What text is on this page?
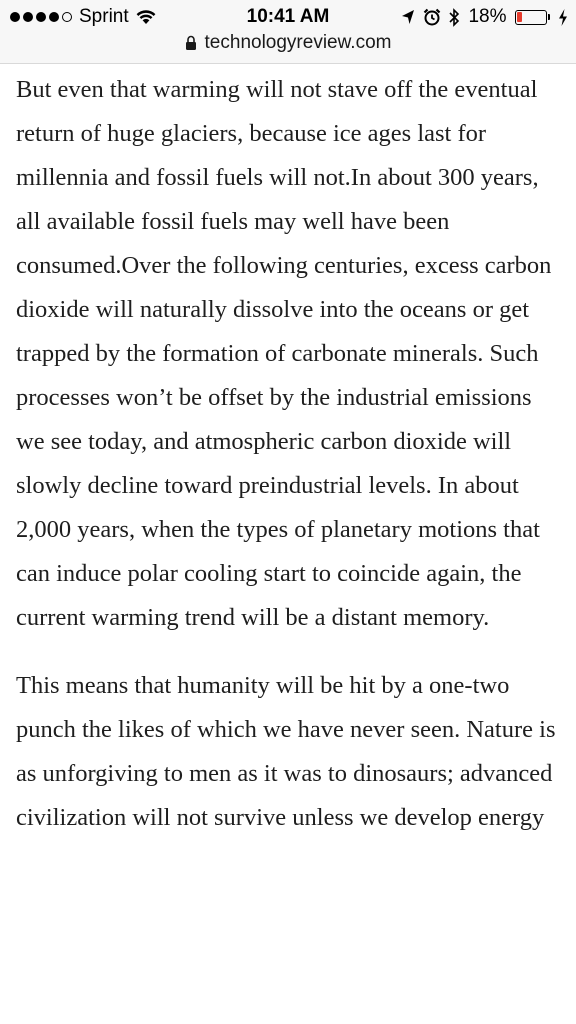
Sprint	10:41 AM	18%
technologyreview.com

But even that warming will not stave off the eventual return of huge glaciers, because ice ages last for millennia and fossil fuels will not.In about 300 years, all available fossil fuels may well have been consumed.Over the following centuries, excess carbon dioxide will naturally dissolve into the oceans or get trapped by the formation of carbonate minerals. Such processes won’t be offset by the industrial emissions we see today, and atmospheric carbon dioxide will slowly decline toward preindustrial levels. In about 2,000 years, when the types of planetary motions that can induce polar cooling start to coincide again, the current warming trend will be a distant memory.

This means that humanity will be hit by a one-two punch the likes of which we have never seen. Nature is as unforgiving to men as it was to dinosaurs; advanced civilization will not survive unless we develop energy
